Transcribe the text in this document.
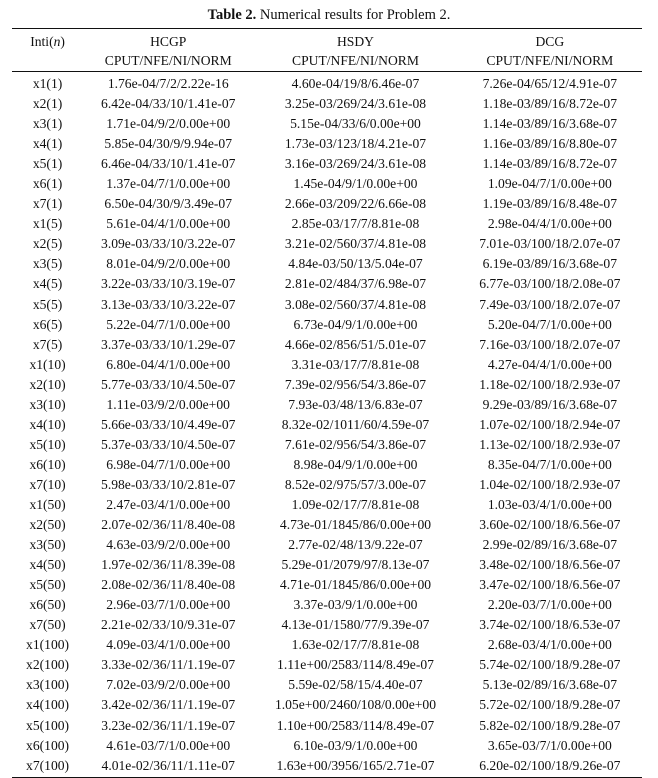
Table 2. Numerical results for Problem 2.
Inti(n)	HCGP	HSDY	DCG
	CPUT/NFE/NI/NORM	CPUT/NFE/NI/NORM	CPUT/NFE/NI/NORM
x1(1)	1.76e-04/7/2/2.22e-16	4.60e-04/19/8/6.46e-07	7.26e-04/65/12/4.91e-07
x2(1)	6.42e-04/33/10/1.41e-07	3.25e-03/269/24/3.61e-08	1.18e-03/89/16/8.72e-07
x3(1)	1.71e-04/9/2/0.00e+00	5.15e-04/33/6/0.00e+00	1.14e-03/89/16/3.68e-07
x4(1)	5.85e-04/30/9/9.94e-07	1.73e-03/123/18/4.21e-07	1.16e-03/89/16/8.80e-07
x5(1)	6.46e-04/33/10/1.41e-07	3.16e-03/269/24/3.61e-08	1.14e-03/89/16/8.72e-07
x6(1)	1.37e-04/7/1/0.00e+00	1.45e-04/9/1/0.00e+00	1.09e-04/7/1/0.00e+00
x7(1)	6.50e-04/30/9/3.49e-07	2.66e-03/209/22/6.66e-08	1.19e-03/89/16/8.48e-07
x1(5)	5.61e-04/4/1/0.00e+00	2.85e-03/17/7/8.81e-08	2.98e-04/4/1/0.00e+00
x2(5)	3.09e-03/33/10/3.22e-07	3.21e-02/560/37/4.81e-08	7.01e-03/100/18/2.07e-07
x3(5)	8.01e-04/9/2/0.00e+00	4.84e-03/50/13/5.04e-07	6.19e-03/89/16/3.68e-07
x4(5)	3.22e-03/33/10/3.19e-07	2.81e-02/484/37/6.98e-07	6.77e-03/100/18/2.08e-07
x5(5)	3.13e-03/33/10/3.22e-07	3.08e-02/560/37/4.81e-08	7.49e-03/100/18/2.07e-07
x6(5)	5.22e-04/7/1/0.00e+00	6.73e-04/9/1/0.00e+00	5.20e-04/7/1/0.00e+00
x7(5)	3.37e-03/33/10/1.29e-07	4.66e-02/856/51/5.01e-07	7.16e-03/100/18/2.07e-07
x1(10)	6.80e-04/4/1/0.00e+00	3.31e-03/17/7/8.81e-08	4.27e-04/4/1/0.00e+00
x2(10)	5.77e-03/33/10/4.50e-07	7.39e-02/956/54/3.86e-07	1.18e-02/100/18/2.93e-07
x3(10)	1.11e-03/9/2/0.00e+00	7.93e-03/48/13/6.83e-07	9.29e-03/89/16/3.68e-07
x4(10)	5.66e-03/33/10/4.49e-07	8.32e-02/1011/60/4.59e-07	1.07e-02/100/18/2.94e-07
x5(10)	5.37e-03/33/10/4.50e-07	7.61e-02/956/54/3.86e-07	1.13e-02/100/18/2.93e-07
x6(10)	6.98e-04/7/1/0.00e+00	8.98e-04/9/1/0.00e+00	8.35e-04/7/1/0.00e+00
x7(10)	5.98e-03/33/10/2.81e-07	8.52e-02/975/57/3.00e-07	1.04e-02/100/18/2.93e-07
x1(50)	2.47e-03/4/1/0.00e+00	1.09e-02/17/7/8.81e-08	1.03e-03/4/1/0.00e+00
x2(50)	2.07e-02/36/11/8.40e-08	4.73e-01/1845/86/0.00e+00	3.60e-02/100/18/6.56e-07
x3(50)	4.63e-03/9/2/0.00e+00	2.77e-02/48/13/9.22e-07	2.99e-02/89/16/3.68e-07
x4(50)	1.97e-02/36/11/8.39e-08	5.29e-01/2079/97/8.13e-07	3.48e-02/100/18/6.56e-07
x5(50)	2.08e-02/36/11/8.40e-08	4.71e-01/1845/86/0.00e+00	3.47e-02/100/18/6.56e-07
x6(50)	2.96e-03/7/1/0.00e+00	3.37e-03/9/1/0.00e+00	2.20e-03/7/1/0.00e+00
x7(50)	2.21e-02/33/10/9.31e-07	4.13e-01/1580/77/9.39e-07	3.74e-02/100/18/6.53e-07
x1(100)	4.09e-03/4/1/0.00e+00	1.63e-02/17/7/8.81e-08	2.68e-03/4/1/0.00e+00
x2(100)	3.33e-02/36/11/1.19e-07	1.11e+00/2583/114/8.49e-07	5.74e-02/100/18/9.28e-07
x3(100)	7.02e-03/9/2/0.00e+00	5.59e-02/58/15/4.40e-07	5.13e-02/89/16/3.68e-07
x4(100)	3.42e-02/36/11/1.19e-07	1.05e+00/2460/108/0.00e+00	5.72e-02/100/18/9.28e-07
x5(100)	3.23e-02/36/11/1.19e-07	1.10e+00/2583/114/8.49e-07	5.82e-02/100/18/9.28e-07
x6(100)	4.61e-03/7/1/0.00e+00	6.10e-03/9/1/0.00e+00	3.65e-03/7/1/0.00e+00
x7(100)	4.01e-02/36/11/1.11e-07	1.63e+00/3956/165/2.71e-07	6.20e-02/100/18/9.26e-07
